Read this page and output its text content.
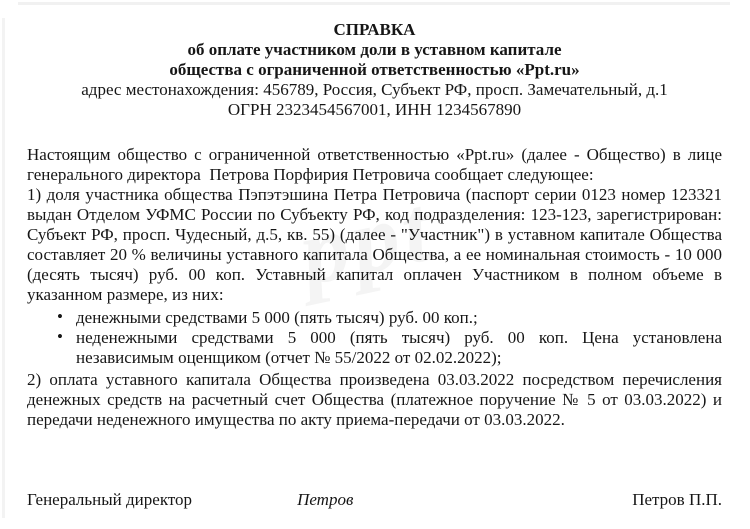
СПРАВКА
об оплате участником доли в уставном капитале
общества с ограниченной ответственностью «Ppt.ru»
адрес местонахождения: 456789, Россия, Субъект РФ, просп. Замечательный, д.1
ОГРН 2323454567001, ИНН 1234567890

Настоящим общество с ограниченной ответственностью «Ppt.ru» (далее - Общество) в лице генерального директора  Петрова Порфирия Петровича сообщает следующее:

1) доля участника общества Пэпэтэшина Петра Петровича (паспорт серии 0123 номер 123321 выдан Отделом УФМС России по Субъекту РФ, код подразделения: 123-123, зарегистрирован: Субъект РФ, просп. Чудесный, д.5, кв. 55) (далее - "Участник") в уставном капитале Общества составляет 20 % величины уставного капитала Общества, а ее номинальная стоимость - 10 000 (десять тысяч) руб. 00 коп. Уставный капитал оплачен Участником в полном объеме в указанном размере, из них:

• денежными средствами 5 000 (пять тысяч) руб. 00 коп.;
• неденежными средствами 5 000 (пять тысяч) руб. 00 коп. Цена установлена независимым оценщиком (отчет № 55/2022 от 02.02.2022);

2) оплата уставного капитала Общества произведена 03.03.2022 посредством перечисления денежных средств на расчетный счет Общества (платежное поручение № 5 от 03.03.2022) и передачи неденежного имущества по акту приема-передачи от 03.03.2022.

Генеральный директор	Петров	Петров П.П.
